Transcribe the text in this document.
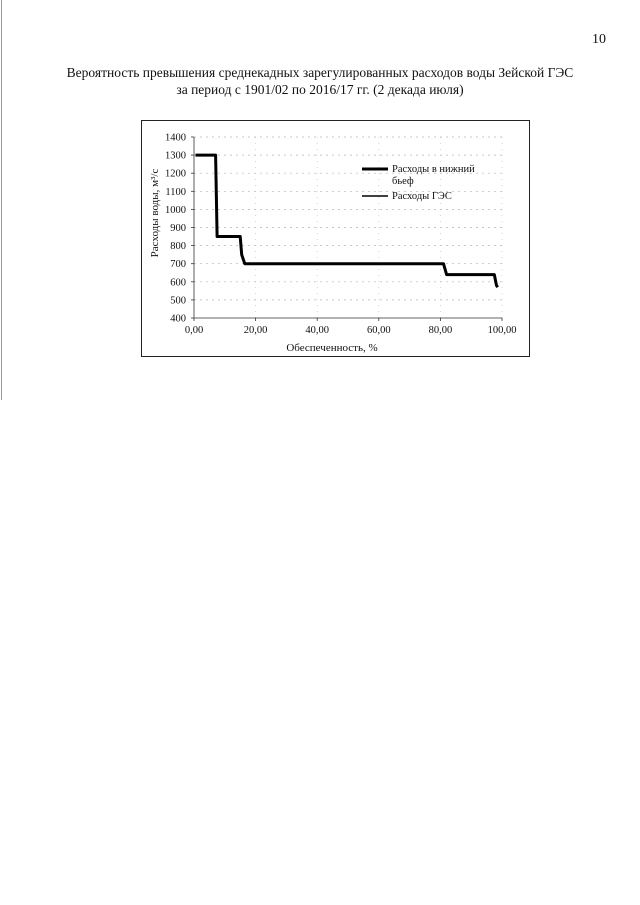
10
Вероятность превышения среднекадных зарегулированных расходов воды Зейской ГЭС
за период с 1901/02 по 2016/17 гг. (2 декада июля)
1400
1300
1200
1100
1000
900
800
700
600
500
400
0,00	20,00	40,00	60,00	80,00	100,00
Расходы воды, м³/с
Обеспеченность, %
Расходы в нижний бьеф
Расходы ГЭС
